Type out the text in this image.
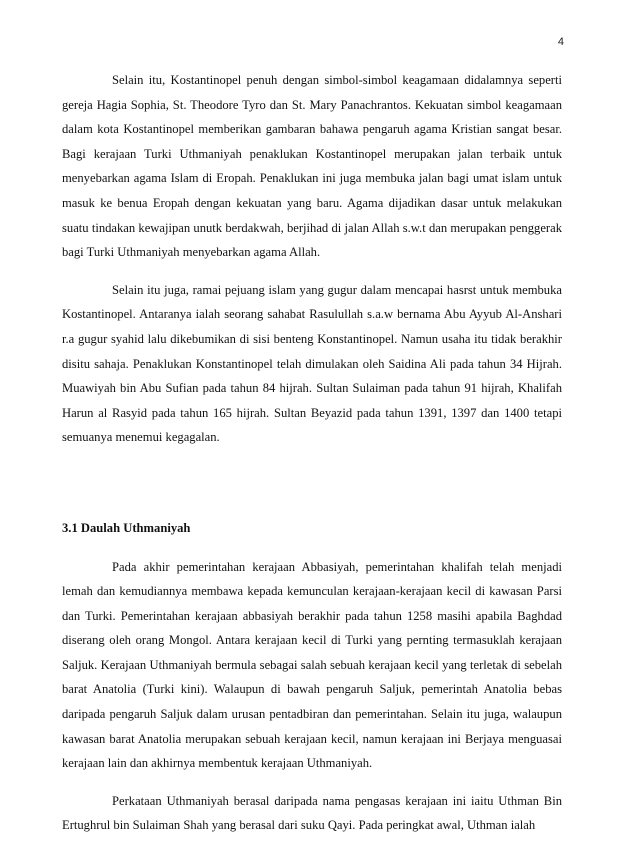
4

Selain itu, Kostantinopel penuh dengan simbol-simbol keagamaan didalamnya seperti gereja Hagia Sophia, St. Theodore Tyro dan St. Mary Panachrantos. Kekuatan simbol keagamaan dalam kota Kostantinopel memberikan gambaran bahawa pengaruh agama Kristian sangat besar. Bagi kerajaan Turki Uthmaniyah penaklukan Kostantinopel merupakan jalan terbaik untuk menyebarkan agama Islam di Eropah. Penaklukan ini juga membuka jalan bagi umat islam untuk masuk ke benua Eropah dengan kekuatan yang baru. Agama dijadikan dasar untuk melakukan suatu tindakan kewajipan unutk berdakwah, berjihad di jalan Allah s.w.t dan merupakan penggerak bagi Turki Uthmaniyah menyebarkan agama Allah.

Selain itu juga, ramai pejuang islam yang gugur dalam mencapai hasrst untuk membuka Kostantinopel. Antaranya ialah seorang sahabat Rasulullah s.a.w bernama Abu Ayyub Al-Anshari r.a gugur syahid lalu dikebumikan di sisi benteng Konstantinopel. Namun usaha itu tidak berakhir disitu sahaja. Penaklukan Konstantinopel telah dimulakan oleh Saidina Ali pada tahun 34 Hijrah. Muawiyah bin Abu Sufian pada tahun 84 hijrah. Sultan Sulaiman pada tahun 91 hijrah, Khalifah Harun al Rasyid pada tahun 165 hijrah. Sultan Beyazid pada tahun 1391, 1397 dan 1400 tetapi semuanya menemui kegagalan.

3.1 Daulah Uthmaniyah

Pada akhir pemerintahan kerajaan Abbasiyah, pemerintahan khalifah telah menjadi lemah dan kemudiannya membawa kepada kemunculan kerajaan-kerajaan kecil di kawasan Parsi dan Turki. Pemerintahan kerajaan abbasiyah berakhir pada tahun 1258 masihi apabila Baghdad diserang oleh orang Mongol. Antara kerajaan kecil di Turki yang pernting termasuklah kerajaan Saljuk. Kerajaan Uthmaniyah bermula sebagai salah sebuah kerajaan kecil yang terletak di sebelah barat Anatolia (Turki kini). Walaupun di bawah pengaruh Saljuk, pemerintah Anatolia bebas daripada pengaruh Saljuk dalam urusan pentadbiran dan pemerintahan. Selain itu juga, walaupun kawasan barat Anatolia merupakan sebuah kerajaan kecil, namun kerajaan ini Berjaya menguasai kerajaan lain dan akhirnya membentuk kerajaan Uthmaniyah.

Perkataan Uthmaniyah berasal daripada nama pengasas kerajaan ini iaitu Uthman Bin Ertughrul bin Sulaiman Shah yang berasal dari suku Qayi. Pada peringkat awal, Uthman ialah
